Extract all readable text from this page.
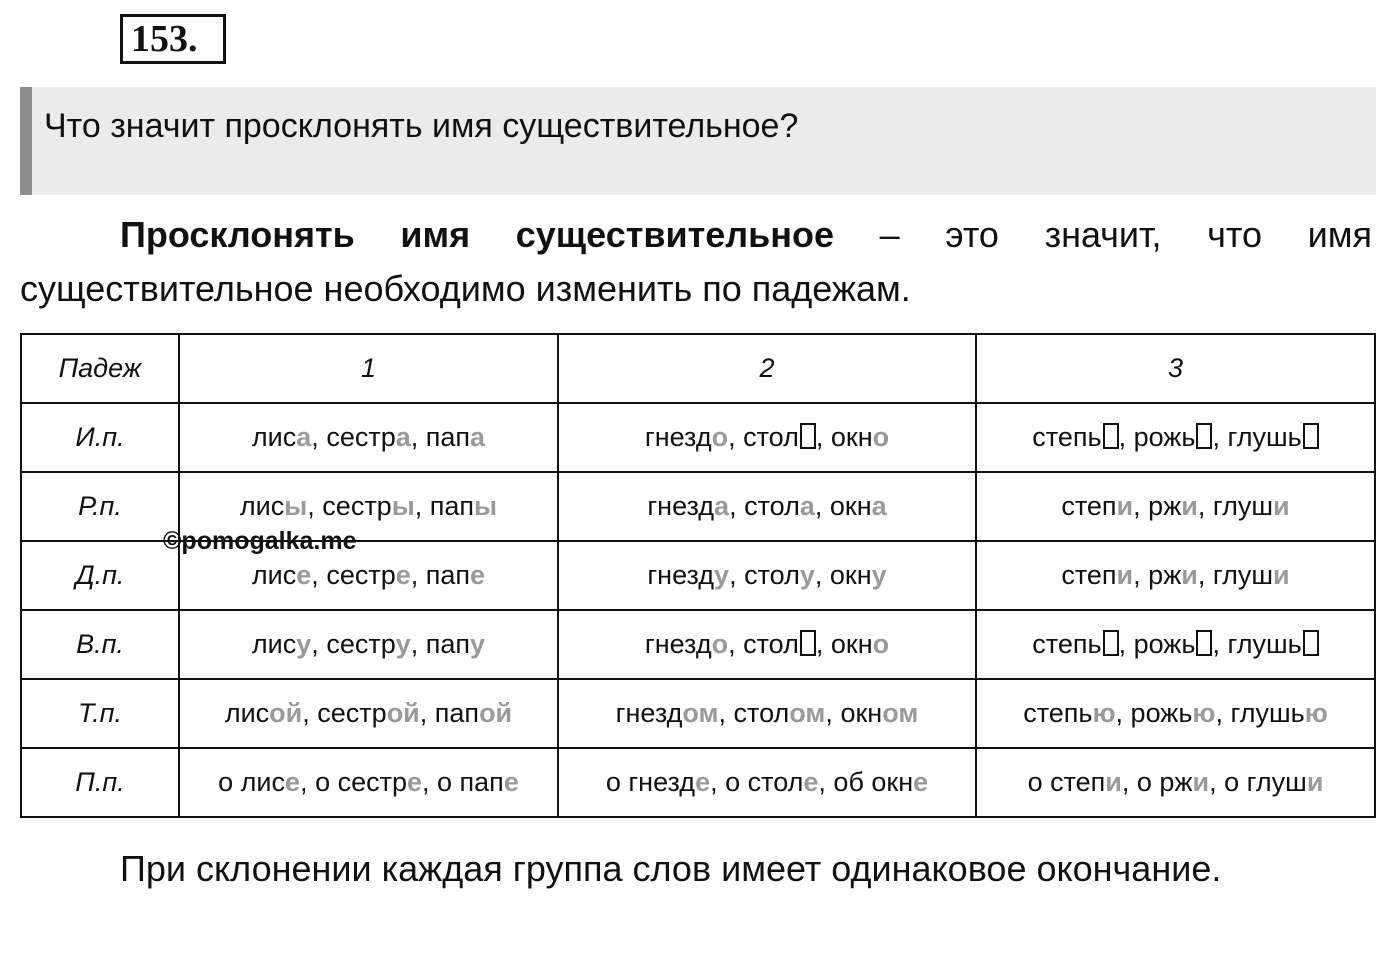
153.
Что значит просклонять имя существительное?

Просклонять имя существительное – это значит, что имя существительное необходимо изменить по падежам.

Падеж	1	2	3
И.п.	лиса, сестра, папа	гнездо, стол , окно	степь , рожь , глушь
Р.п.	лисы, сестры, папы	гнезда, стола, окна	степи, ржи, глуши
Д.п.	лисе, сестре, папе	гнезду, столу, окну	степи, ржи, глуши
В.п.	лису, сестру, папу	гнездо, стол , окно	степь , рожь , глушь
Т.п.	лисой, сестрой, папой	гнездом, столом, окном	степью, рожью, глушью
П.п.	о лисе, о сестре, о папе	о гнезде, о столе, об окне	о степи, о ржи, о глуши
©pomogalka.me

При склонении каждая группа слов имеет одинаковое окончание.
